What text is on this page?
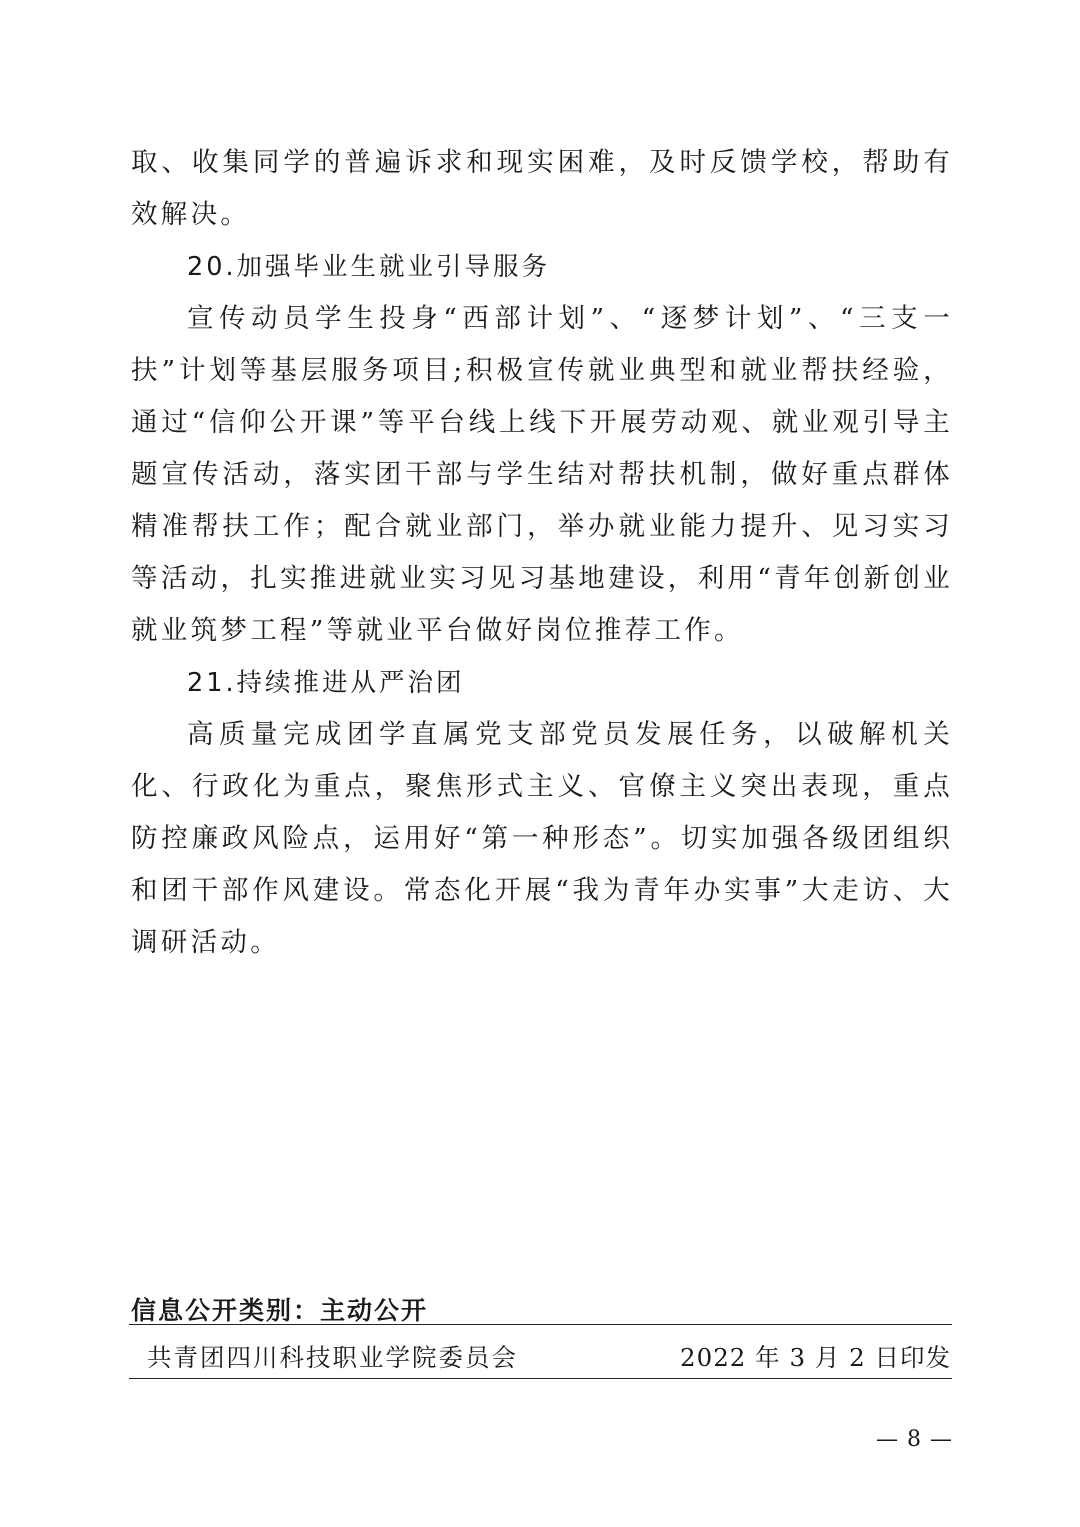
取、收集同学的普遍诉求和现实困难，及时反馈学校，帮助有效解决。

20.加强毕业生就业引导服务

宣传动员学生投身“西部计划”、“逐梦计划”、“三支一扶”计划等基层服务项目;积极宣传就业典型和就业帮扶经验，通过“信仰公开课”等平台线上线下开展劳动观、就业观引导主题宣传活动，落实团干部与学生结对帮扶机制，做好重点群体精准帮扶工作；配合就业部门，举办就业能力提升、见习实习等活动，扎实推进就业实习见习基地建设，利用“青年创新创业就业筑梦工程”等就业平台做好岗位推荐工作。

21.持续推进从严治团

高质量完成团学直属党支部党员发展任务，以破解机关化、行政化为重点，聚焦形式主义、官僚主义突出表现，重点防控廉政风险点，运用好“第一种形态”。切实加强各级团组织和团干部作风建设。常态化开展“我为青年办实事”大走访、大调研活动。

信息公开类别：主动公开
共青团四川科技职业学院委员会	2022 年 3 月 2 日印发
— 8 —
